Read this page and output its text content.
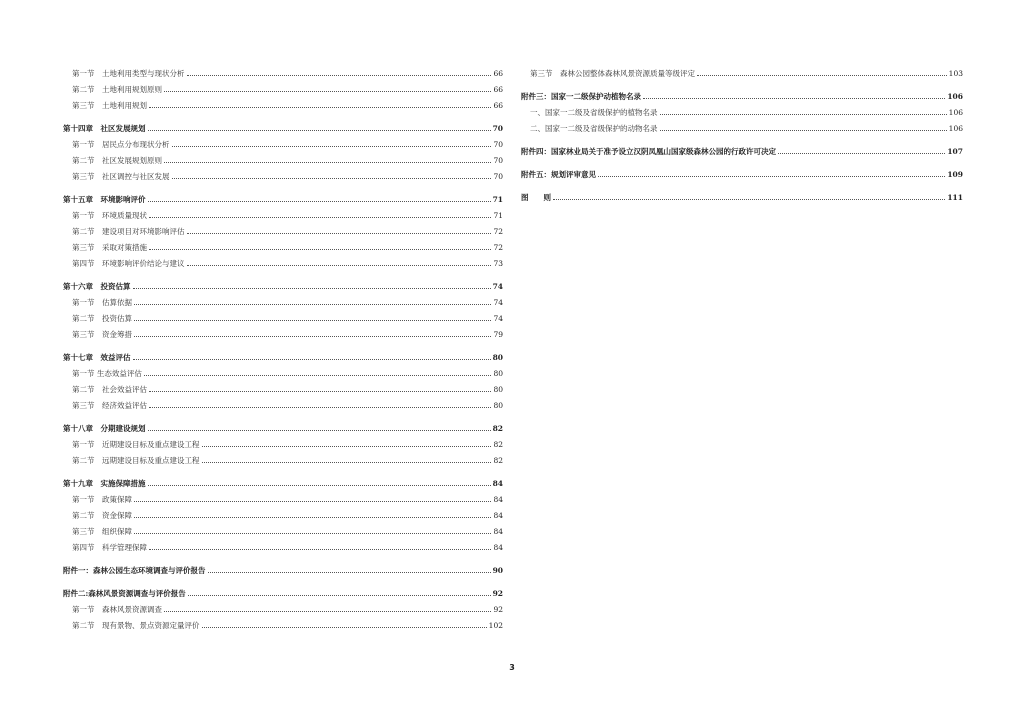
第一节　土地利用类型与现状分析	66
第二节　土地利用规划原则	66
第三节　土地利用规划	66
第十四章　社区发展规划	70
第一节　居民点分布现状分析	70
第二节　社区发展规划原则	70
第三节　社区调控与社区发展	70
第十五章　环境影响评价	71
第一节　环境质量现状	71
第二节　建设项目对环境影响评估	72
第三节　采取对策措施	72
第四节　环境影响评价结论与建议	73
第十六章　投资估算	74
第一节　估算依据	74
第二节　投资估算	74
第三节　资金筹措	79
第十七章　效益评估	80
第一节 生态效益评估	80
第二节　社会效益评估	80
第三节　经济效益评估	80
第十八章　分期建设规划	82
第一节　近期建设目标及重点建设工程	82
第二节　远期建设目标及重点建设工程	82
第十九章　实施保障措施	84
第一节　政策保障	84
第二节　资金保障	84
第三节　组织保障	84
第四节　科学管理保障	84
附件一：森林公园生态环境调查与评价报告	90
附件二:森林风景资源调查与评价报告	92
第一节　森林风景资源调查	92
第二节　现有景物、景点资源定量评价	102
第三节　森林公园整体森林风景资源质量等级评定	103
附件三：国家一二级保护动植物名录	106
一、国家一二级及省级保护的植物名录	106
二、国家一二级及省级保护的动物名录	106
附件四：国家林业局关于准予设立汉阴凤凰山国家级森林公园的行政许可决定	107
附件五：规划评审意见	109
图　　则	111
3
